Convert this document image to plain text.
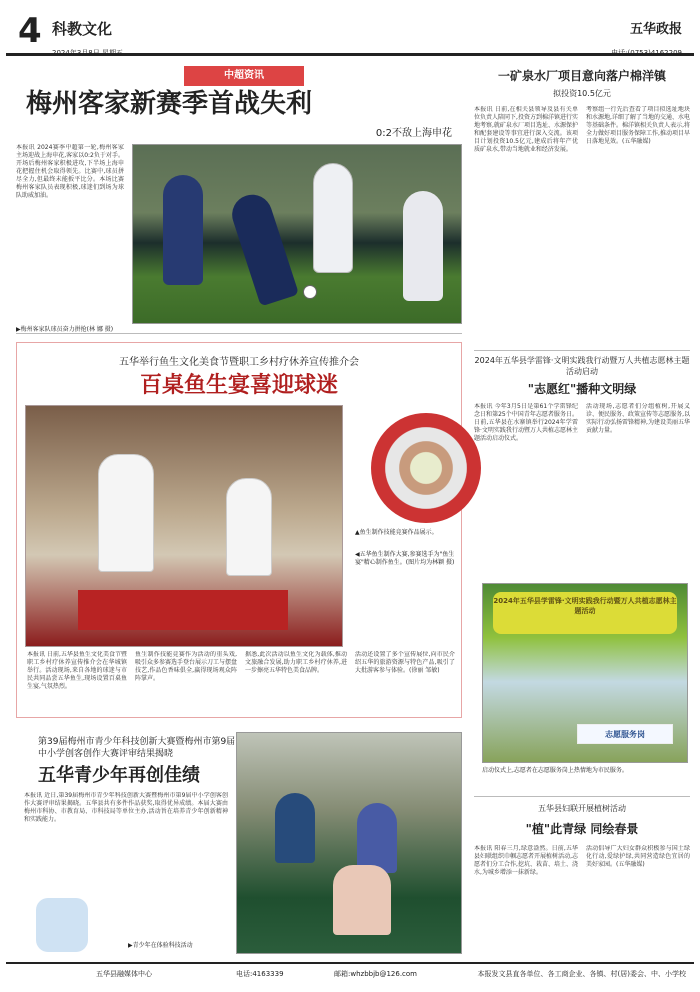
4 科教文化
2024年3月8日 星期五
五华政报
电话:(0753)4162209
中超资讯
梅州客家新赛季首战失利
0:2不敌上海申花
本报讯 2024赛季中超第一轮,梅州客家主场迎战上海申花,客家以0:2负于对手。开场后梅州客家积极进攻,下半场上海申花把握住机会取得领先。比赛中,球员拼尽全力,但最终未能扳平比分。本场比赛梅州客家队员表现积极,球迷们到场为球队助威加油。
▶梅州客家队球员奋力拼抢(林 娜 摄)
五华举行鱼生文化美食节暨职工乡村疗休养宣传推介会
百桌鱼生宴喜迎球迷
▲鱼生制作技能竞赛作品展示。
◀五华鱼生制作大赛,参赛选手为"鱼生宴"精心制作鱼生。(图片均为林颖 摄)
本报讯 日前,五华县鱼生文化美食节暨职工乡村疗休养宣传推介会在华城镇举行。活动现场,来自各地的球迷与市民共同品尝五华鱼生,现场设置百桌鱼生宴,气氛热烈。
鱼生制作技能竞赛作为活动的重头戏,吸引众多参赛选手登台展示刀工与摆盘技艺,作品色香味俱全,赢得现场观众阵阵掌声。
据悉,此次活动以鱼生文化为载体,推动文旅融合发展,助力职工乡村疗休养,进一步擦亮五华特色美食品牌。
活动还设置了多个宣传展位,向市民介绍五华的旅游资源与特色产品,吸引了大批游客参与体验。(徐丽 邹敏)
第39届梅州市青少年科技创新大赛暨梅州市第9届中小学创客创作大赛评审结果揭晓
五华青少年再创佳绩
本报讯 近日,第39届梅州市青少年科技创新大赛暨梅州市第9届中小学创客创作大赛评审结果揭晓。五华县共有多件作品获奖,取得优异成绩。本届大赛由梅州市科协、市教育局、市科技局等单位主办,活动旨在培养青少年创新精神和实践能力。
▶青少年在体验科技活动
一矿泉水厂项目意向落户棉洋镇
拟投资10.5亿元
本报讯 日前,在相关县领导及县有关单位负责人陪同下,投资方到棉洋镇进行实地考察,就矿泉水厂项目选址、水源保护和配套建设等事宜进行深入交流。该项目计划投资10.5亿元,建成后将年产优质矿泉水,带动当地就业和经济发展。
考察组一行先后查看了项目拟选址地块和水源地,详细了解了当地的交通、水电等基础条件。棉洋镇相关负责人表示,将全力做好项目服务保障工作,推动项目早日落地见效。(五华融媒)
2024年五华县学雷锋·文明实践我行动暨万人共植志愿林主题活动启动
"志愿红"播种文明绿
本报讯 今年3月5日是第61个学雷锋纪念日和第25个中国青年志愿者服务日。日前,五华县在水寨镇举行2024年学雷锋·文明实践我行动暨万人共植志愿林主题活动启动仪式。
活动现场,志愿者们分组植树,开展义诊、便民服务、政策宣传等志愿服务,以实际行动弘扬雷锋精神,为建设美丽五华贡献力量。
2024年五华县学雷锋·文明实践我行动暨万人共植志愿林主题活动
志愿服务岗
启动仪式上,志愿者在志愿服务岗上热情地为市民服务。
五华县妇联开展植树活动
"植"此青绿 同绘春景
本报讯 阳春三月,绿意盎然。日前,五华县妇联组织巾帼志愿者开展植树活动,志愿者们分工合作,挖坑、栽苗、培土、浇水,为城乡增添一抹新绿。
活动倡导广大妇女群众积极参与国土绿化行动,爱绿护绿,共同营造绿色宜居的美好家园。(五华融媒)
五华县融媒体中心	电话:4163339	邮箱:whzbbjb@126.com	本报发文县直各单位、各工商企业、各镇、村(居)委会、中、小学校
